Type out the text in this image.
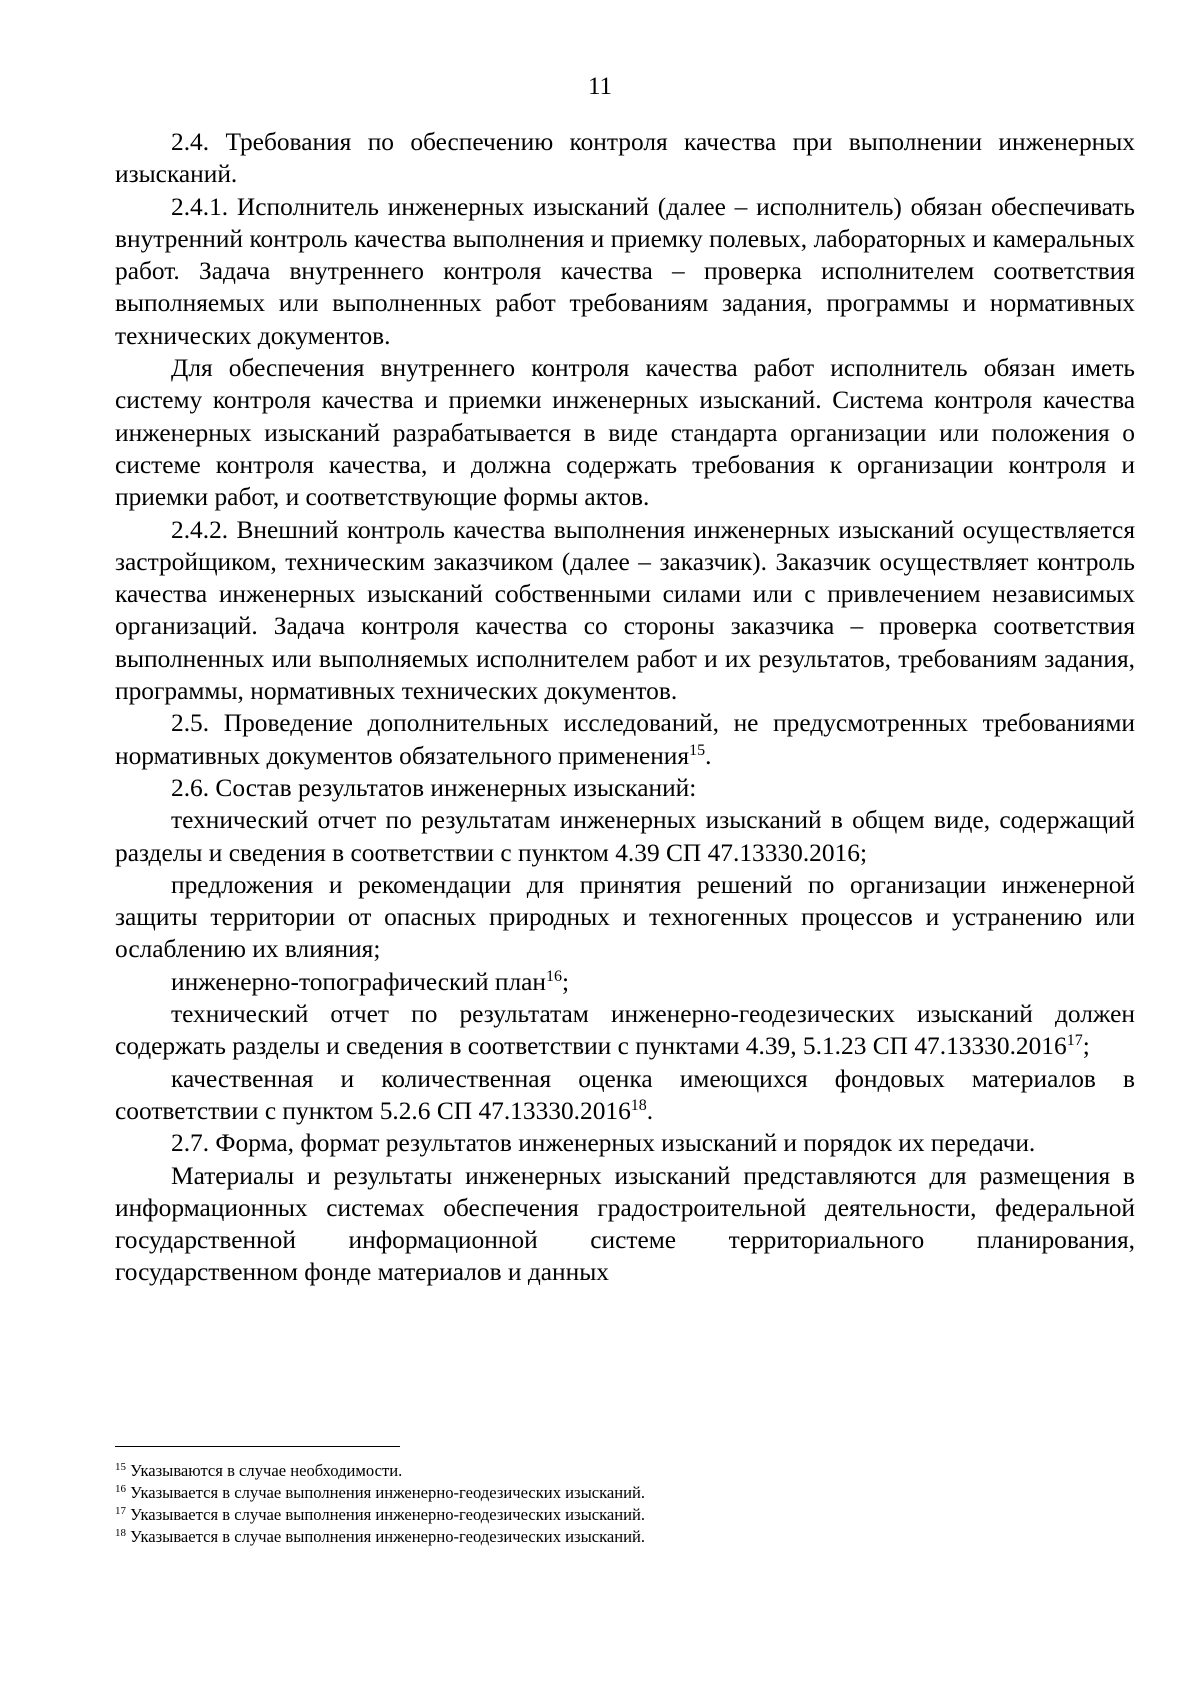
11

2.4. Требования по обеспечению контроля качества при выполнении инженерных изысканий.

2.4.1. Исполнитель инженерных изысканий (далее – исполнитель) обязан обеспечивать внутренний контроль качества выполнения и приемку полевых, лабораторных и камеральных работ. Задача внутреннего контроля качества – проверка исполнителем соответствия выполняемых или выполненных работ требованиям задания, программы и нормативных технических документов.

Для обеспечения внутреннего контроля качества работ исполнитель обязан иметь систему контроля качества и приемки инженерных изысканий. Система контроля качества инженерных изысканий разрабатывается в виде стандарта организации или положения о системе контроля качества, и должна содержать требования к организации контроля и приемки работ, и соответствующие формы актов.

2.4.2. Внешний контроль качества выполнения инженерных изысканий осуществляется застройщиком, техническим заказчиком (далее – заказчик). Заказчик осуществляет контроль качества инженерных изысканий собственными силами или с привлечением независимых организаций. Задача контроля качества со стороны заказчика – проверка соответствия выполненных или выполняемых исполнителем работ и их результатов, требованиям задания, программы, нормативных технических документов.

2.5. Проведение дополнительных исследований, не предусмотренных требованиями нормативных документов обязательного применения$^{15}$.

2.6. Состав результатов инженерных изысканий:

технический отчет по результатам инженерных изысканий в общем виде, содержащий разделы и сведения в соответствии с пунктом 4.39 СП 47.13330.2016;

предложения и рекомендации для принятия решений по организации инженерной защиты территории от опасных природных и техногенных процессов и устранению или ослаблению их влияния;

инженерно-топографический план$^{16}$;

технический отчет по результатам инженерно-геодезических изысканий должен содержать разделы и сведения в соответствии с пунктами 4.39, 5.1.23 СП 47.13330.2016$^{17}$;

качественная и количественная оценка имеющихся фондовых материалов в соответствии с пунктом 5.2.6 СП 47.13330.2016$^{18}$.

2.7. Форма, формат результатов инженерных изысканий и порядок их передачи.

Материалы и результаты инженерных изысканий представляются для размещения в информационных системах обеспечения градостроительной деятельности, федеральной государственной информационной системе территориального планирования, государственном фонде материалов и данных

$^{15}$ Указываются в случае необходимости.

$^{16}$ Указывается в случае выполнения инженерно-геодезических изысканий.

$^{17}$ Указывается в случае выполнения инженерно-геодезических изысканий.

$^{18}$ Указывается в случае выполнения инженерно-геодезических изысканий.
